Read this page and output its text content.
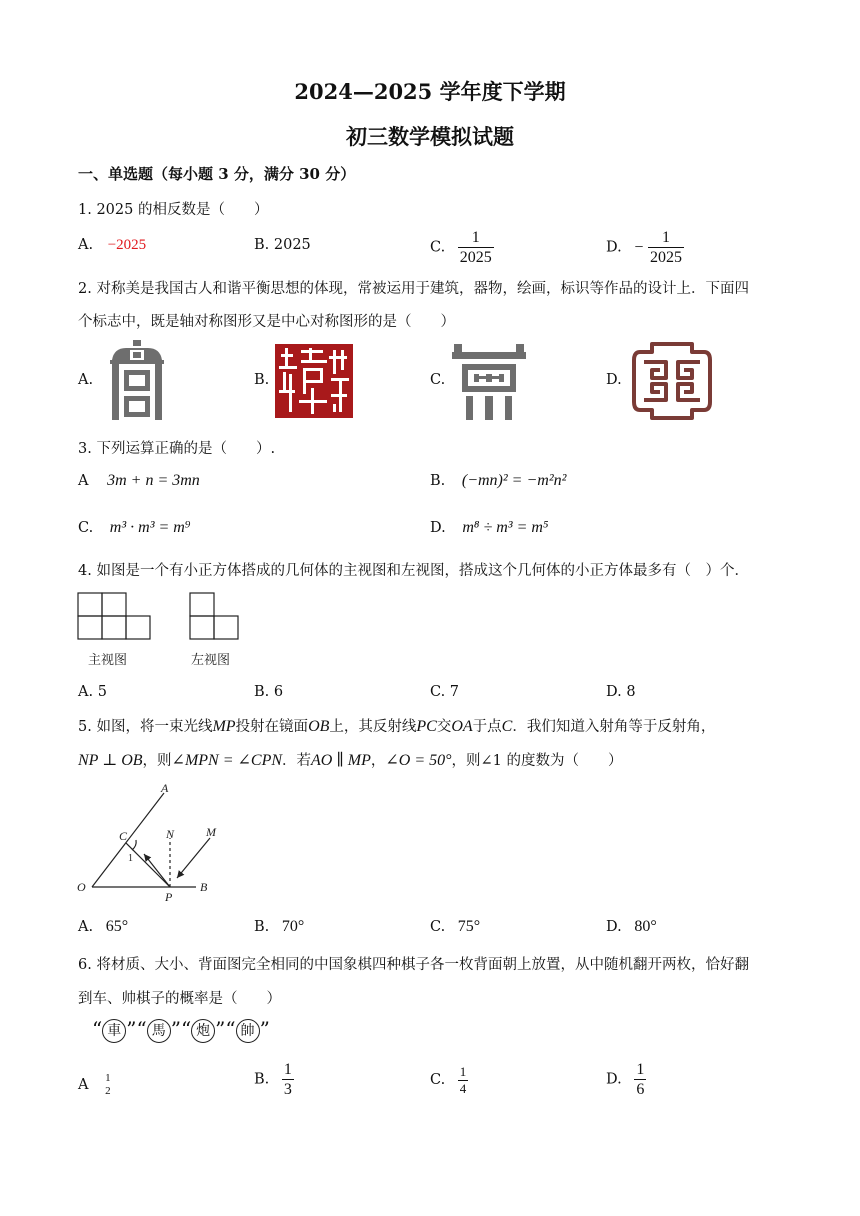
2024—2025 学年度下学期
初三数学模拟试题
一、单选题（每小题 3 分，满分 30 分）
1. 2025 的相反数是（　　）
A. −2025	B. 2025	C. $\frac{1}{2025}$	D. − $\frac{1}{2025}$
2. 对称美是我国古人和谐平衡思想的体现，常被运用于建筑，器物，绘画，标识等作品的设计上．下面四
个标志中，既是轴对称图形又是中心对称图形的是（　　）
A.	B.	C.	D.
3. 下列运算正确的是（　　）.
A 3m + n = 3mn	B. (−mn)² = −m²n²
C. m³ · m³ = m⁹	D. m⁸ ÷ m³ = m⁵
4. 如图是一个有小正方体搭成的几何体的主视图和左视图，搭成这个几何体的小正方体最多有（　）个．
主视图	左视图
A. 5	B. 6	C. 7	D. 8
5. 如图，将一束光线MP投射在镜面OB上，其反射线PC交OA于点C．我们知道入射角等于反射角，
NP ⊥ OB，则∠MPN = ∠CPN．若AO ∥ MP，∠O = 50°，则∠1 的度数为（　　）
A
C	N	M
O
P
B
1
A. 65°	B. 70°	C. 75°	D. 80°
6. 将材质、大小、背面图完全相同的中国象棋四种棋子各一枚背面朝上放置，从中随机翻开两枚，恰好翻
到车、帅棋子的概率是（　　）
“ 車 ”“ 馬 ”“ 炮 ”“ 帥 ”
A 1
2
B. $\frac{1}{3}$	C. $\frac{1}{4}$	D. $\frac{1}{6}$
